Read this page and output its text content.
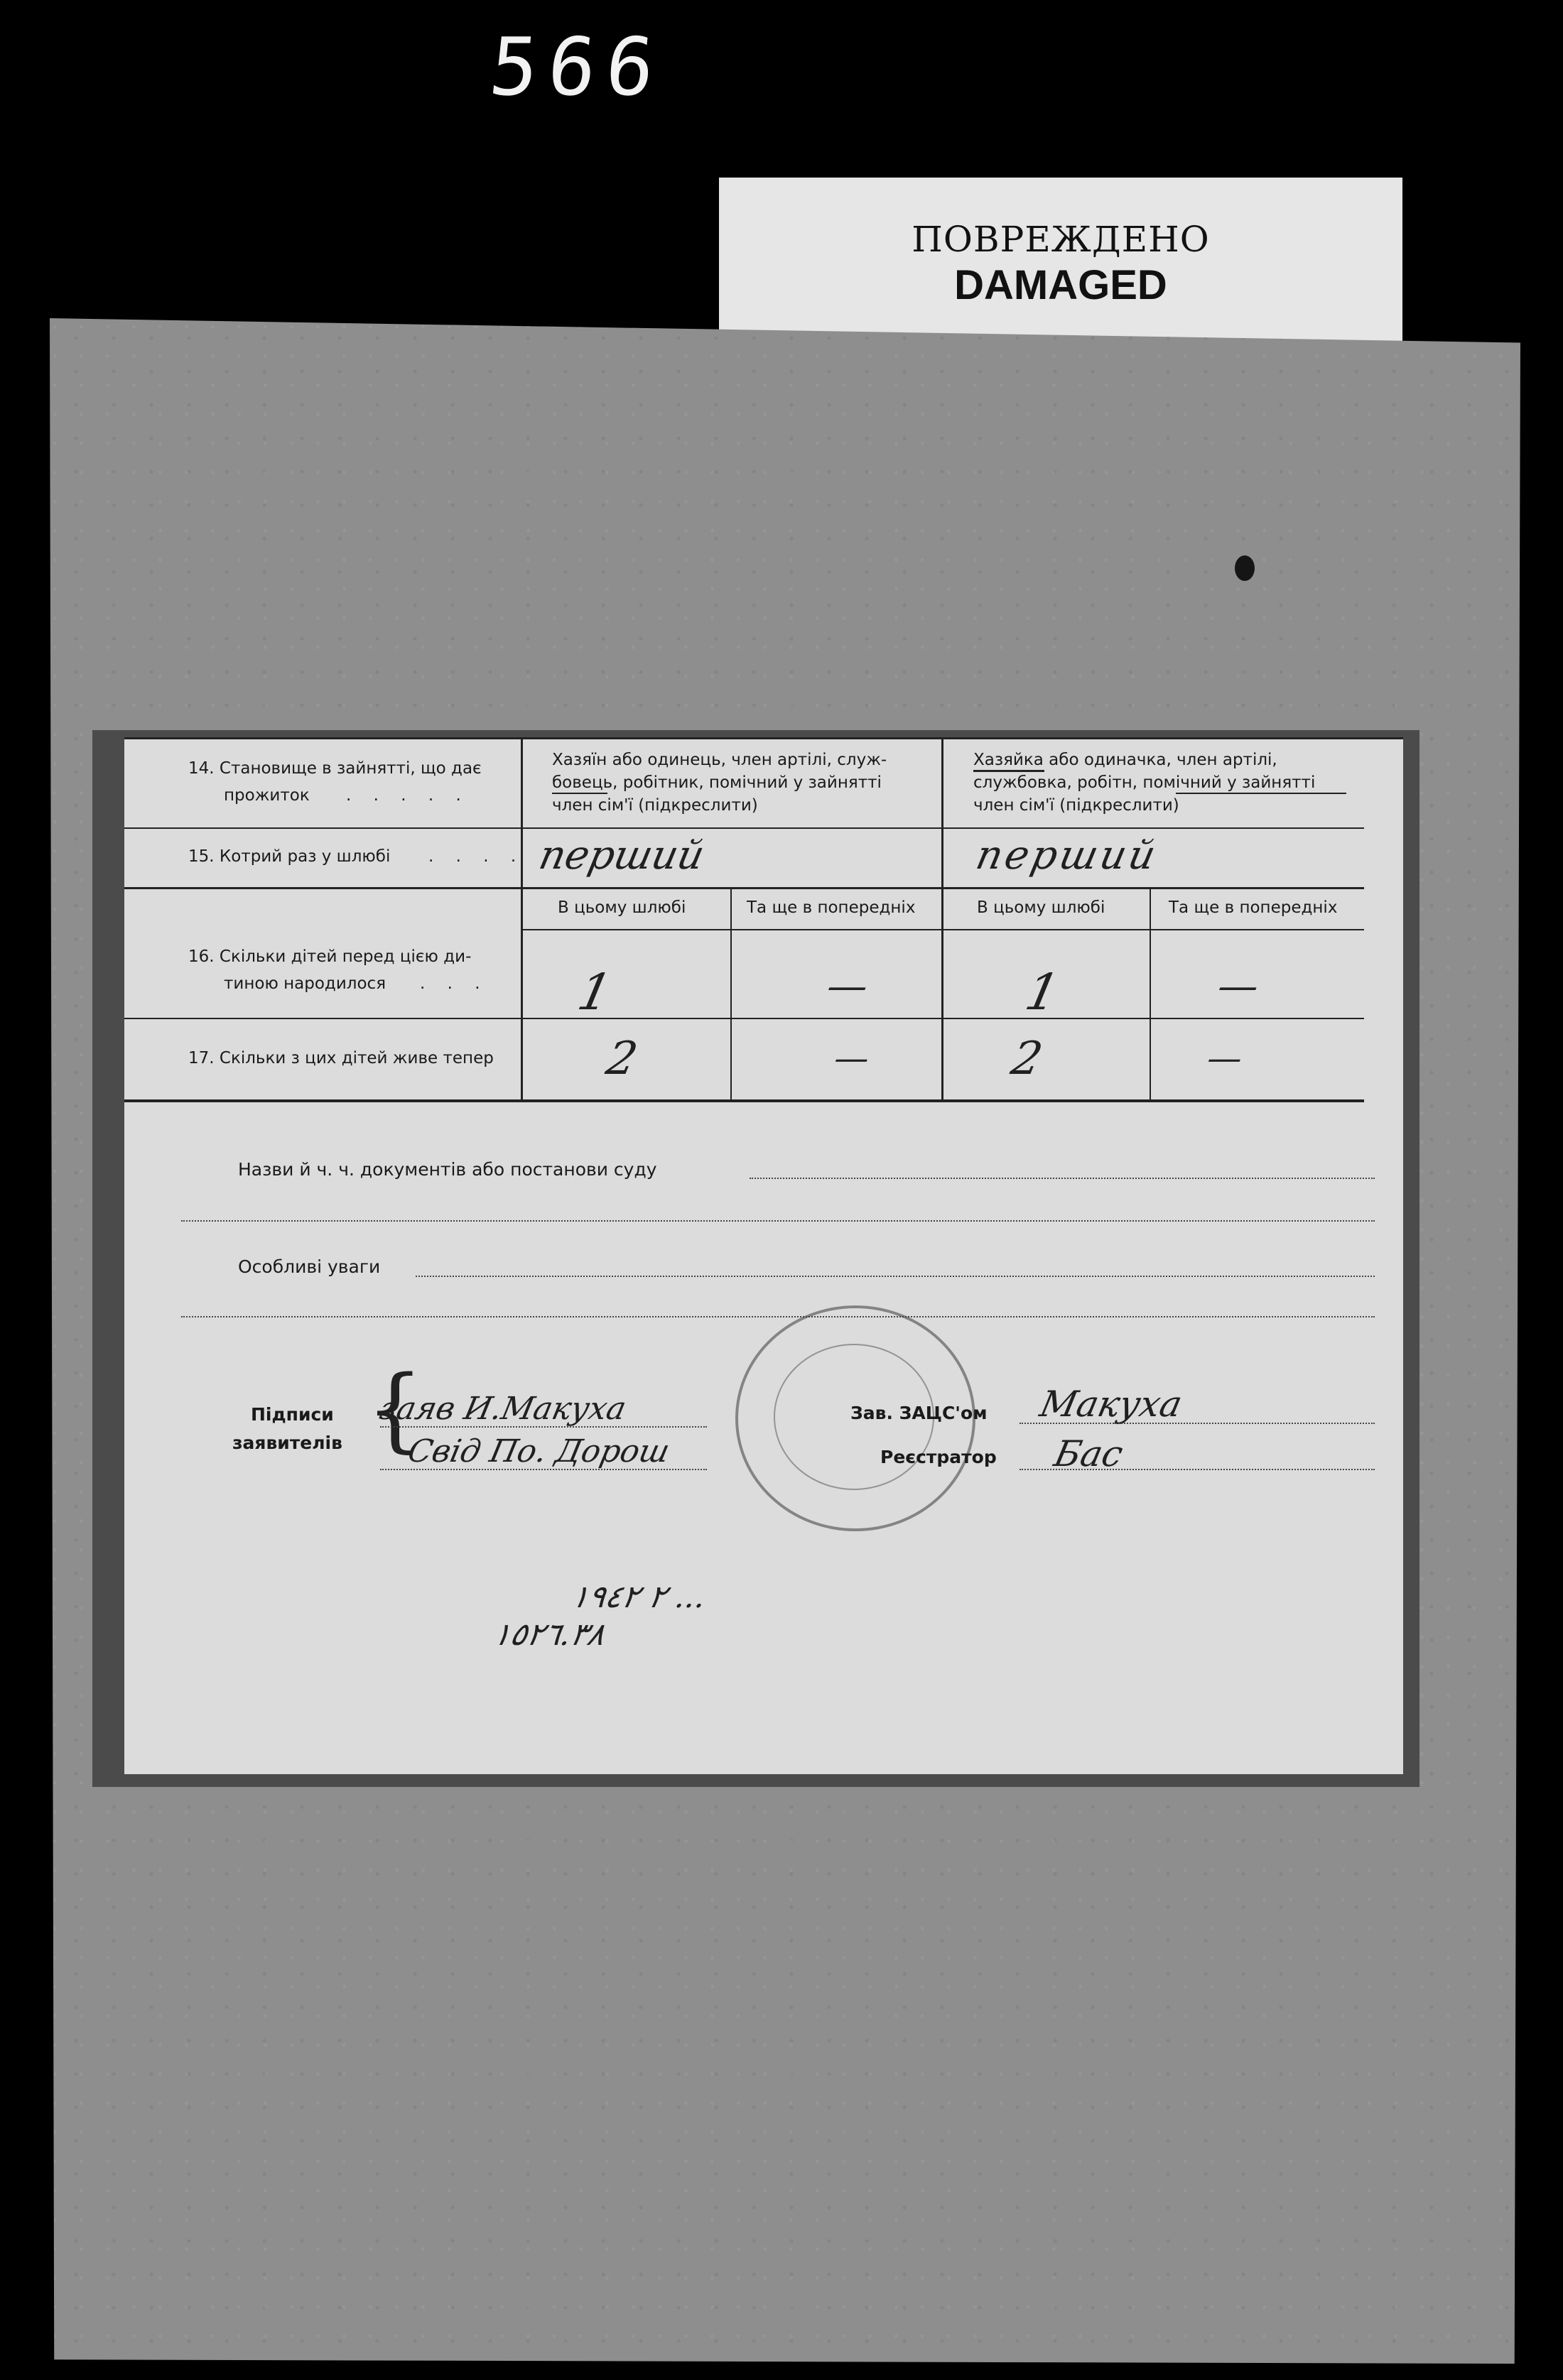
566
ПОВРЕЖДЕНО
DAMAGED
14. Становище в зайнятті, що дає
прожиток . . . . .
Хазяїн або одинець, член артілі, служ-
бовець, робітник, помічний у зайнятті
член сім'ї (підкреслити)
Хазяйка або одиначка, член артілі,
службовка, робітн, помічний у зайнятті
член сім'ї (підкреслити)
15. Котрий раз у шлюбі . . . . перший	перший
В цьому шлюбі	Та ще в попередніх	В цьому шлюбі	Та ще в попередніх
16. Скільки дітей перед цією ди-
тиною народилося . . . 1	—	1	—
17. Скільки з цих дітей живе тепер 2	—	2	—
Назви й ч. ч. документів або постанови суду
Особливі уваги
Підписи
заявителів {
заяв И.Макуха
Свід По. Дорош
Зав. ЗАЦС'ом
Реєстратор
Макуха
Бас
٢ ١٩٤٢ ...
١٥٢٦.٣٨
